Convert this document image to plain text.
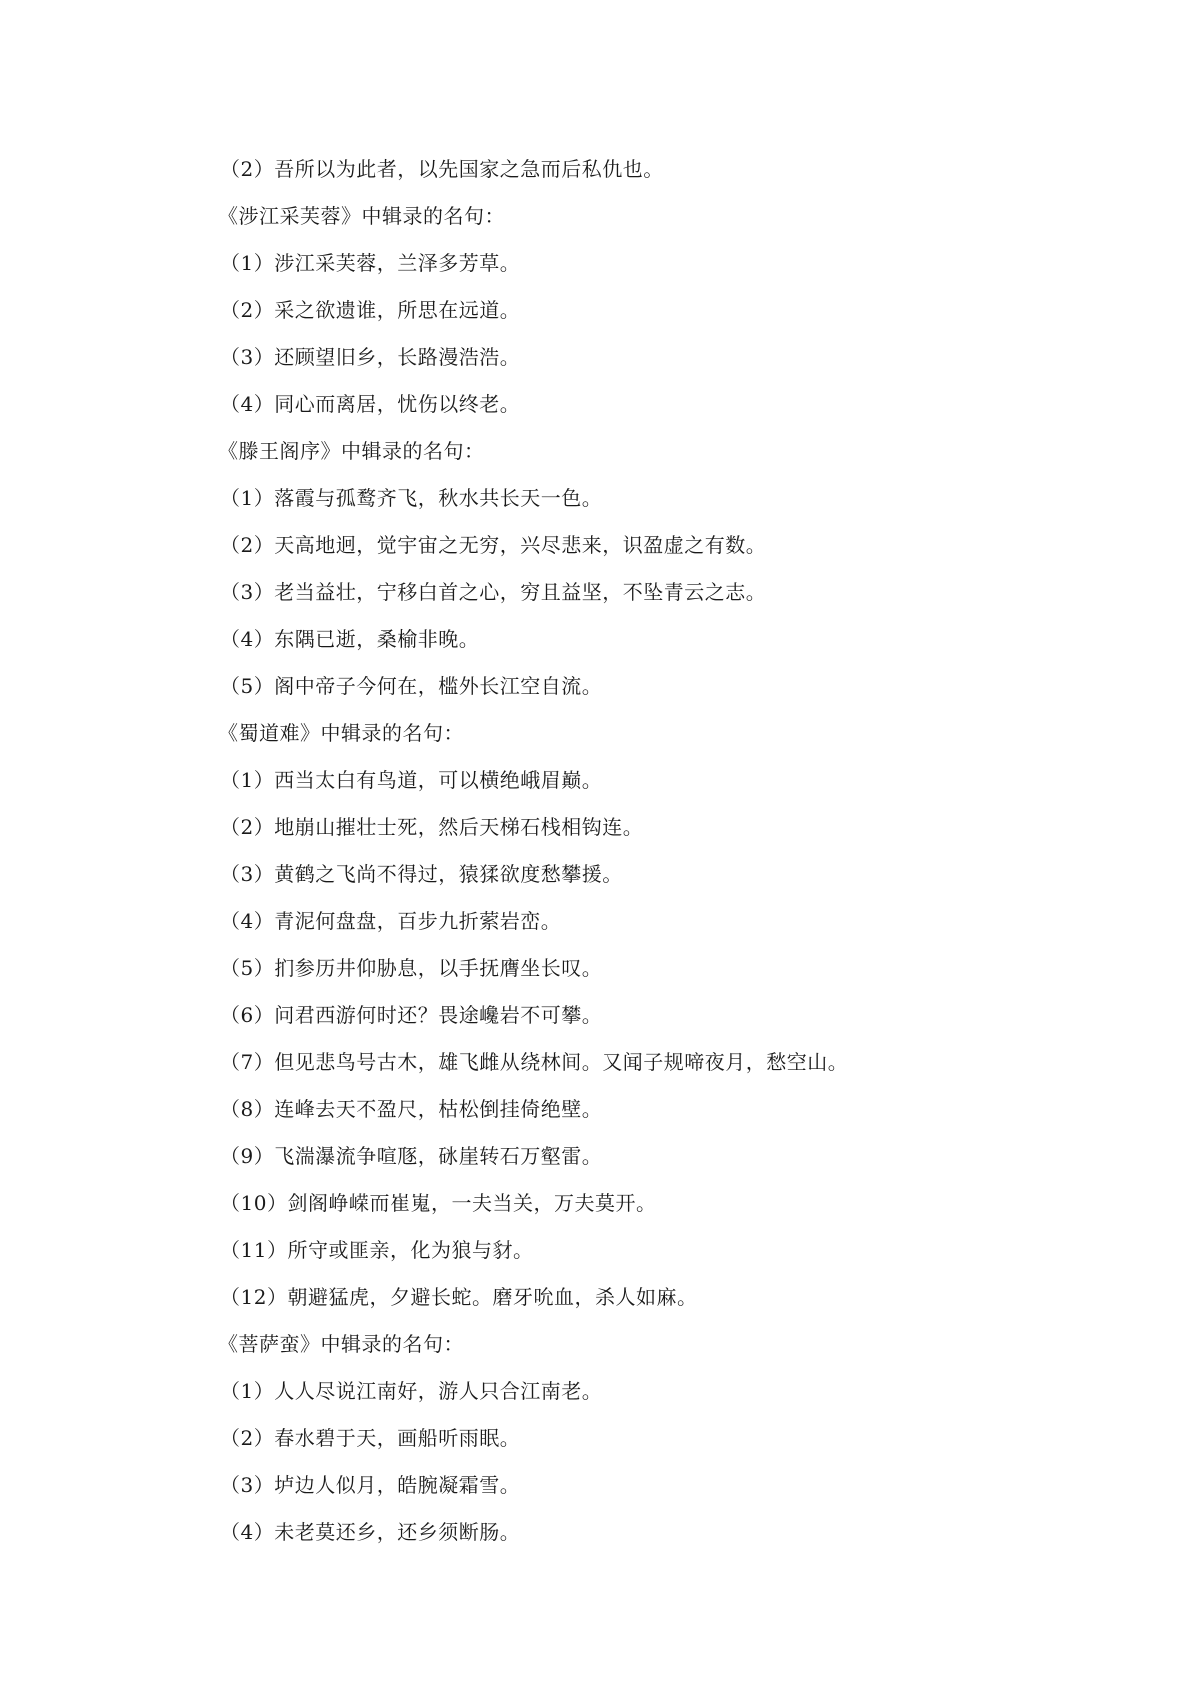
（2）吾所以为此者，以先国家之急而后私仇也。
《涉江采芙蓉》中辑录的名句：
（1）涉江采芙蓉，兰泽多芳草。
（2）采之欲遗谁，所思在远道。
（3）还顾望旧乡，长路漫浩浩。
（4）同心而离居，忧伤以终老。
《滕王阁序》中辑录的名句：
（1）落霞与孤鹜齐飞，秋水共长天一色。
（2）天高地迥，觉宇宙之无穷，兴尽悲来，识盈虚之有数。
（3）老当益壮，宁移白首之心，穷且益坚，不坠青云之志。
（4）东隅已逝，桑榆非晚。
（5）阁中帝子今何在，槛外长江空自流。
《蜀道难》中辑录的名句：
（1）西当太白有鸟道，可以横绝峨眉巅。
（2）地崩山摧壮士死，然后天梯石栈相钩连。
（3）黄鹤之飞尚不得过，猿猱欲度愁攀援。
（4）青泥何盘盘，百步九折萦岩峦。
（5）扪参历井仰胁息，以手抚膺坐长叹。
（6）问君西游何时还？畏途巉岩不可攀。
（7）但见悲鸟号古木，雄飞雌从绕林间。又闻子规啼夜月，愁空山。
（8）连峰去天不盈尺，枯松倒挂倚绝壁。
（9）飞湍瀑流争喧豗，砯崖转石万壑雷。
（10）剑阁峥嵘而崔嵬，一夫当关，万夫莫开。
（11）所守或匪亲，化为狼与豺。
（12）朝避猛虎，夕避长蛇。磨牙吮血，杀人如麻。
《菩萨蛮》中辑录的名句：
（1）人人尽说江南好，游人只合江南老。
（2）春水碧于天，画船听雨眠。
（3）垆边人似月，皓腕凝霜雪。
（4）未老莫还乡，还乡须断肠。
